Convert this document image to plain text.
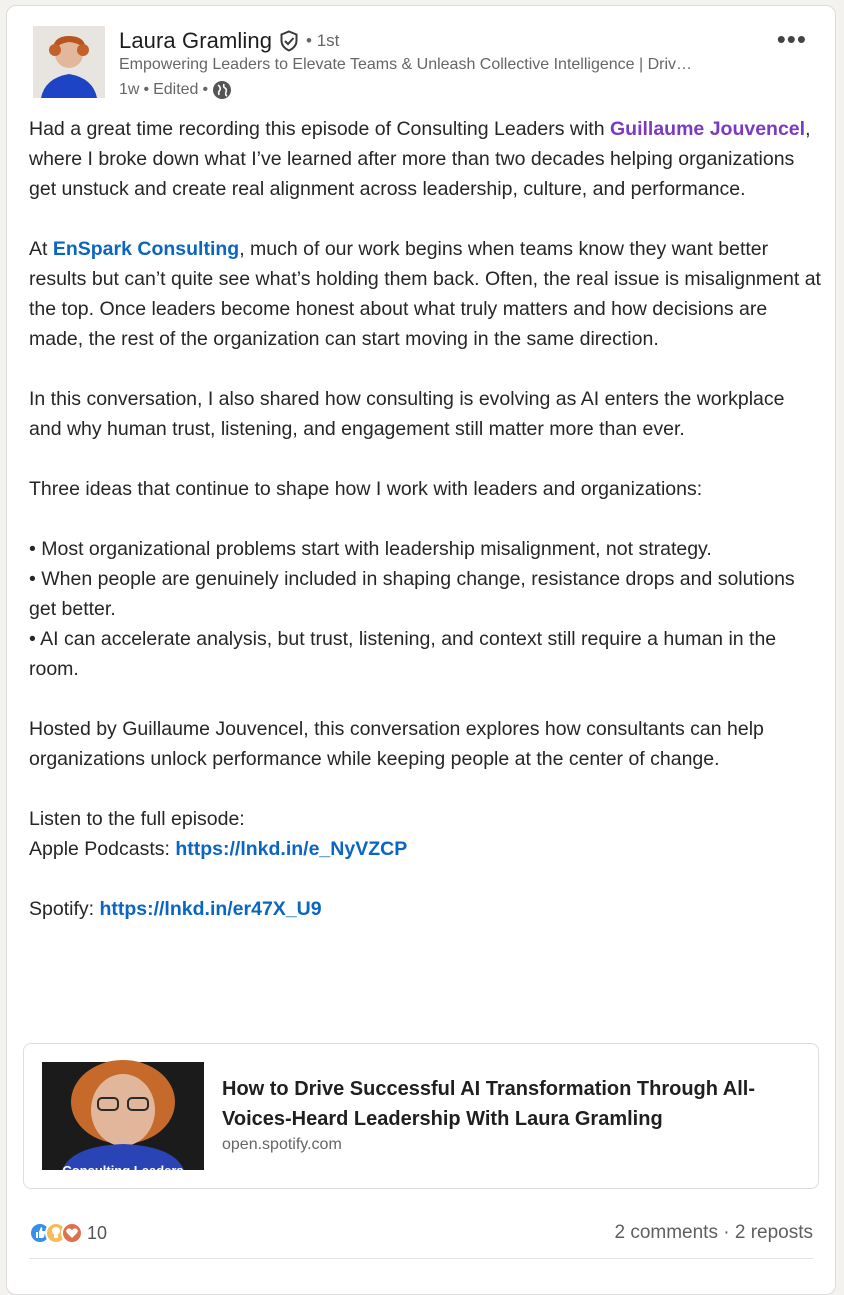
Laura Gramling • 1st
Empowering Leaders to Elevate Teams & Unleash Collective Intelligence | Driv…
1w • Edited •
•••

Had a great time recording this episode of Consulting Leaders with Guillaume Jouvencel, where I broke down what I’ve learned after more than two decades helping organizations get unstuck and create real alignment across leadership, culture, and performance.

At EnSpark Consulting, much of our work begins when teams know they want better results but can’t quite see what’s holding them back. Often, the real issue is misalignment at the top. Once leaders become honest about what truly matters and how decisions are made, the rest of the organization can start moving in the same direction.

In this conversation, I also shared how consulting is evolving as AI enters the workplace and why human trust, listening, and engagement still matter more than ever.

Three ideas that continue to shape how I work with leaders and organizations:

• Most organizational problems start with leadership misalignment, not strategy.

• When people are genuinely included in shaping change, resistance drops and solutions get better.

• AI can accelerate analysis, but trust, listening, and context still require a human in the room.

Hosted by Guillaume Jouvencel, this conversation explores how consultants can help organizations unlock performance while keeping people at the center of change.

Listen to the full episode:

Apple Podcasts: https://lnkd.in/e_NyVZCP

Spotify: https://lnkd.in/er47X_U9

Consulting Leaders
How to Drive Successful AI Transformation Through All-Voices-Heard Leadership With Laura Gramling
open.spotify.com
10	2 comments · 2 reposts
